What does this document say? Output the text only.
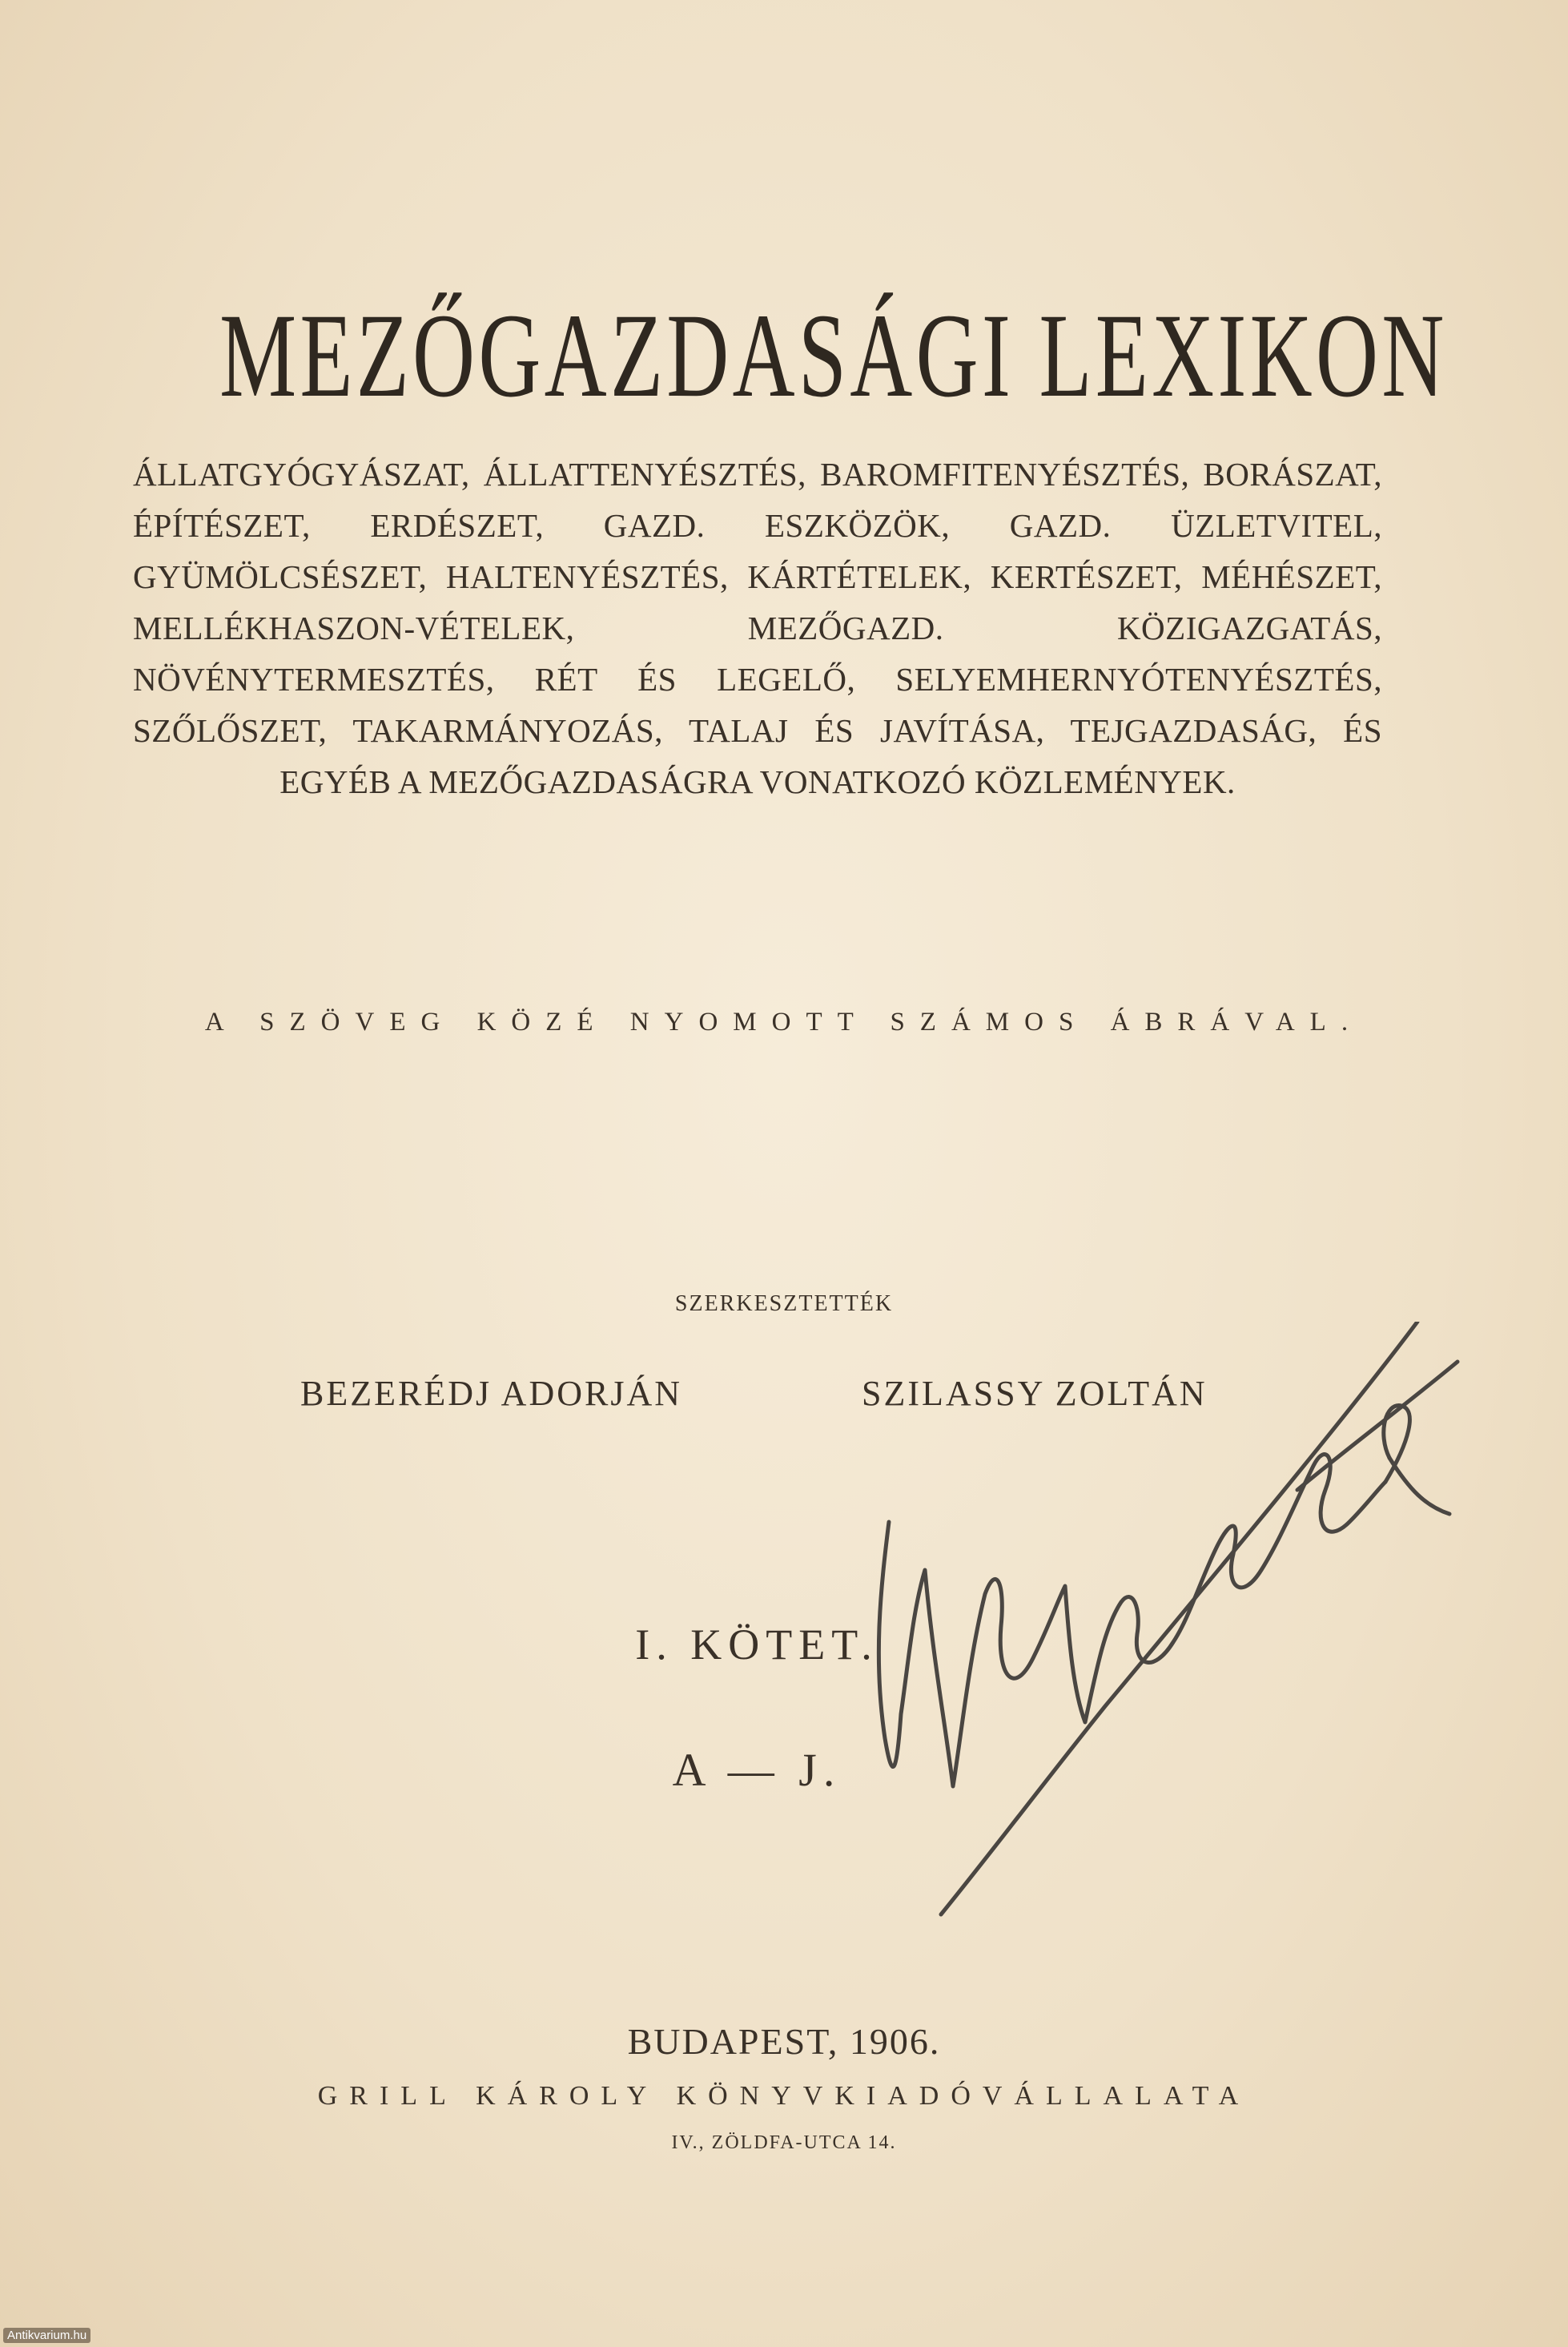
MEZŐGAZDASÁGI LEXIKON
ÁLLATGYÓGYÁSZAT, ÁLLATTENYÉSZTÉS, BAROMFITENYÉSZTÉS, BORÁSZAT, ÉPÍTÉSZET, ERDÉSZET, GAZD. ESZKÖZÖK, GAZD. ÜZLETVITEL, GYÜMÖLCSÉSZET, HALTENYÉSZTÉS, KÁRTÉTELEK, KERTÉSZET, MÉHÉSZET, MELLÉKHASZON-VÉTELEK, MEZŐGAZD. KÖZIGAZGATÁS, NÖVÉNYTERMESZTÉS, RÉT ÉS LEGELŐ, SELYEMHERNYÓTENYÉSZTÉS, SZŐLŐSZET, TAKARMÁNYOZÁS, TALAJ ÉS JAVÍTÁSA, TEJGAZDASÁG, ÉS EGYÉB A MEZŐGAZDASÁGRA VONATKOZÓ KÖZLEMÉNYEK.
A SZÖVEG KÖZÉ NYOMOTT SZÁMOS ÁBRÁVAL.
SZERKESZTETTÉK
BEZERÉDJ ADORJÁN	SZILASSY ZOLTÁN
I. KÖTET.
A — J.
BUDAPEST, 1906.
GRILL KÁROLY KÖNYVKIADÓVÁLLALATA
IV., ZÖLDFA-UTCA 14.
Antikvarium.hu
